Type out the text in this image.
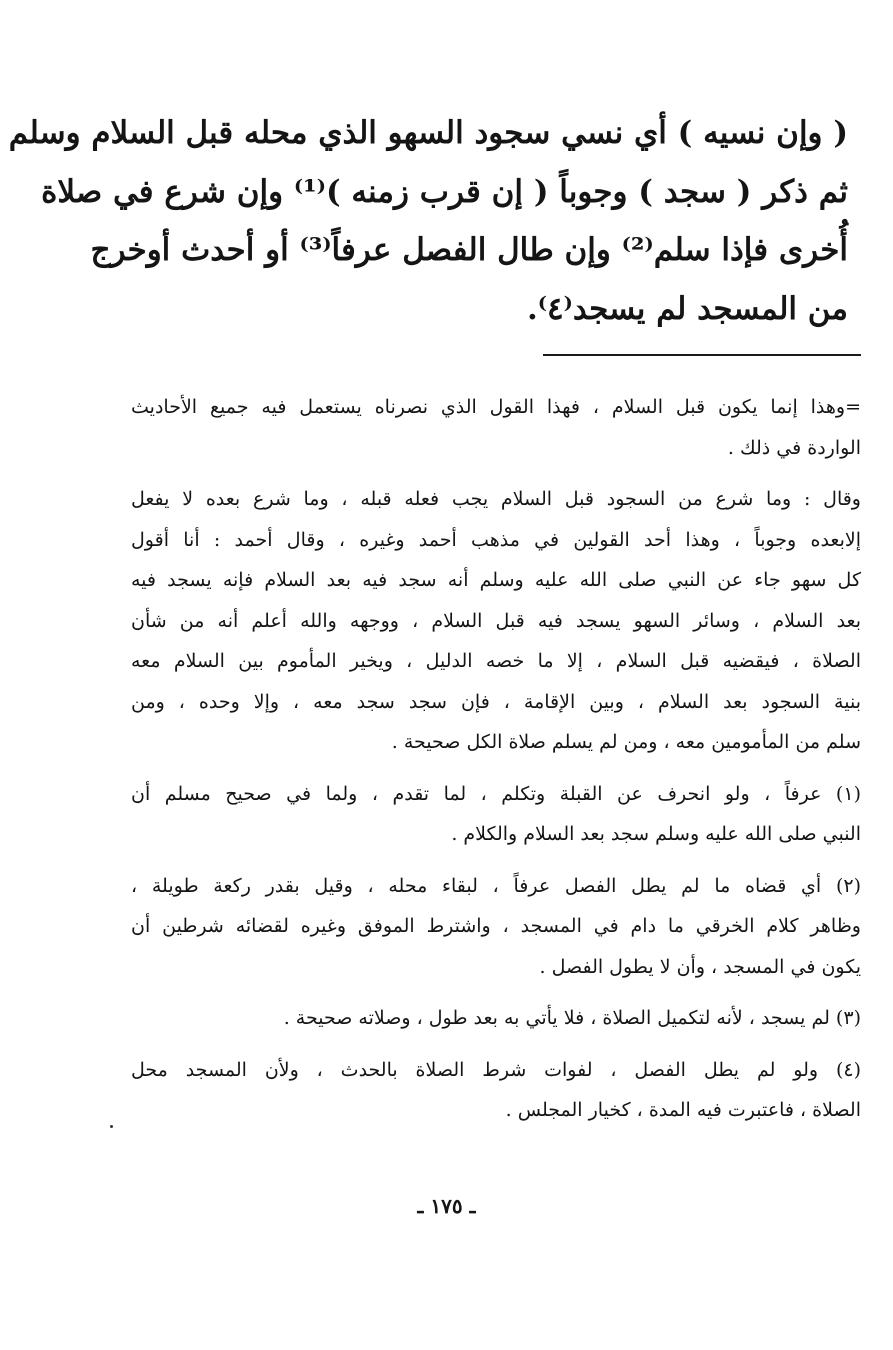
( وإن نسيه ) أي نسي سجود السهو الذي محله قبل السلام وسلم
ثم ذكر ( سجد ) وجوباً ( إن قرب زمنه )⁽¹⁾ وإن شرع في صلاة
أُخرى فإذا سلم⁽²⁾ وإن طال الفصل عرفاً⁽³⁾ أو أحدث أوخرج
من المسجد لم يسجد⁽٤⁾.
=وهذا إنما يكون قبل السلام ، فهذا القول الذي نصرناه يستعمل فيه جميع الأحاديث
الواردة في ذلك .
وقال : وما شرع من السجود قبل السلام يجب فعله قبله ، وما شرع بعده لا يفعل
إلابعده وجوباً ، وهذا أحد القولين في مذهب أحمد وغيره ، وقال أحمد : أنا أقول
كل سهو جاء عن النبي صلى الله عليه وسلم أنه سجد فيه بعد السلام فإنه يسجد فيه
بعد السلام ، وسائر السهو يسجد فيه قبل السلام ، ووجهه والله أعلم أنه من شأن
الصلاة ، فيقضيه قبل السلام ، إلا ما خصه الدليل ، ويخير المأموم بين السلام معه
بنية السجود بعد السلام ، وبين الإقامة ، فإن سجد سجد معه ، وإلا وحده ، ومن
سلم من المأمومين معه ، ومن لم يسلم صلاة الكل صحيحة .
(١) عرفاً ، ولو انحرف عن القبلة وتكلم ، لما تقدم ، ولما في صحيح مسلم أن
النبي صلى الله عليه وسلم سجد بعد السلام والكلام .
(٢) أي قضاه ما لم يطل الفصل عرفاً ، لبقاء محله ، وقيل بقدر ركعة طويلة ،
وظاهر كلام الخرقي ما دام في المسجد ، واشترط الموفق وغيره لقضائه شرطين أن
يكون في المسجد ، وأن لا يطول الفصل .
(٣) لم يسجد ، لأنه لتكميل الصلاة ، فلا يأتي به بعد طول ، وصلاته صحيحة .
(٤) ولو لم يطل الفصل ، لفوات شرط الصلاة بالحدث ، ولأن المسجد محل
الصلاة ، فاعتبرت فيه المدة ، كخيار المجلس .
ـ ١٧٥ ـ
